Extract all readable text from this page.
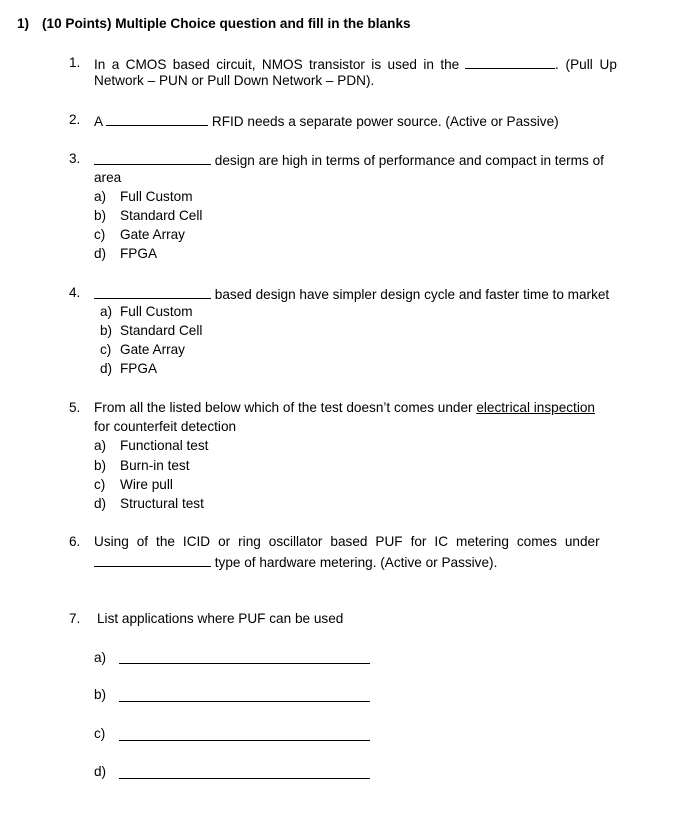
1) (10 Points) Multiple Choice question and fill in the blanks
1. In a CMOS based circuit, NMOS transistor is used in the	. (Pull Up
Network – PUN or Pull Down Network – PDN).
2. A	RFID needs a separate power source. (Active or Passive)
3.	design are high in terms of performance and compact in terms of
area
a) Full Custom
b) Standard Cell
c) Gate Array
d) FPGA
4.	based design have simpler design cycle and faster time to market
a) Full Custom
b) Standard Cell
c) Gate Array
d) FPGA
5. From all the listed below which of the test doesn’t comes under electrical inspection
for counterfeit detection
a) Functional test
b) Burn-in test
c) Wire pull
d) Structural test
6. Using of the ICID or ring oscillator based PUF for IC metering comes under
type of hardware metering. (Active or Passive).
7. List applications where PUF can be used
a)
b)
c)
d)
